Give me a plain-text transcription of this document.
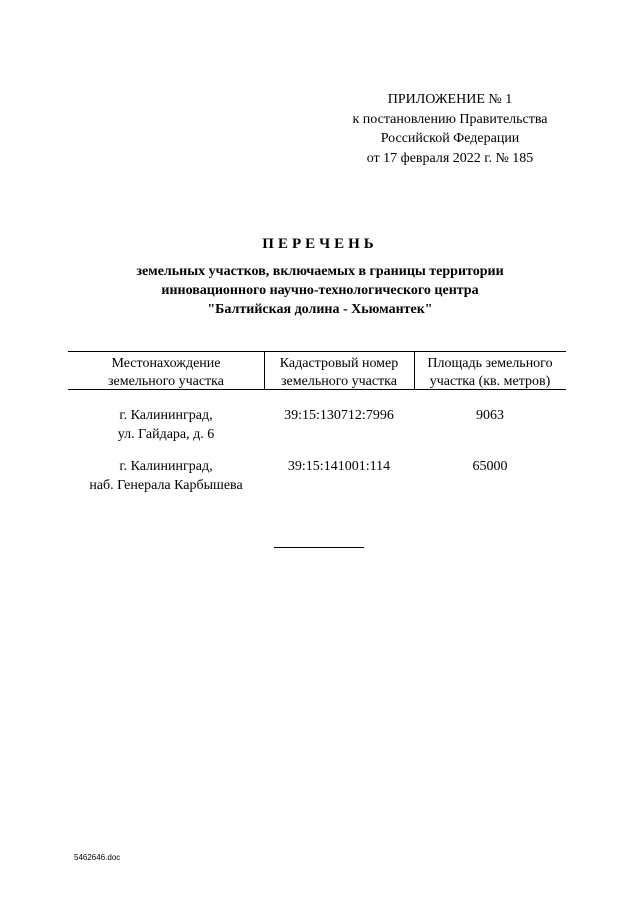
ПРИЛОЖЕНИЕ № 1
к постановлению Правительства
Российской Федерации
от 17 февраля 2022 г. № 185
ПЕРЕЧЕНЬ
земельных участков, включаемых в границы территории
инновационного научно-технологического центра
"Балтийская долина - Хьюмантек"
Местонахождение
земельного участка
Кадастровый номер
земельного участка
Площадь земельного
участка (кв. метров)
г. Калининград,
ул. Гайдара, д. 6
39:15:130712:7996	9063
г. Калининград,
наб. Генерала Карбышева
39:15:141001:114	65000
5462646.doc
